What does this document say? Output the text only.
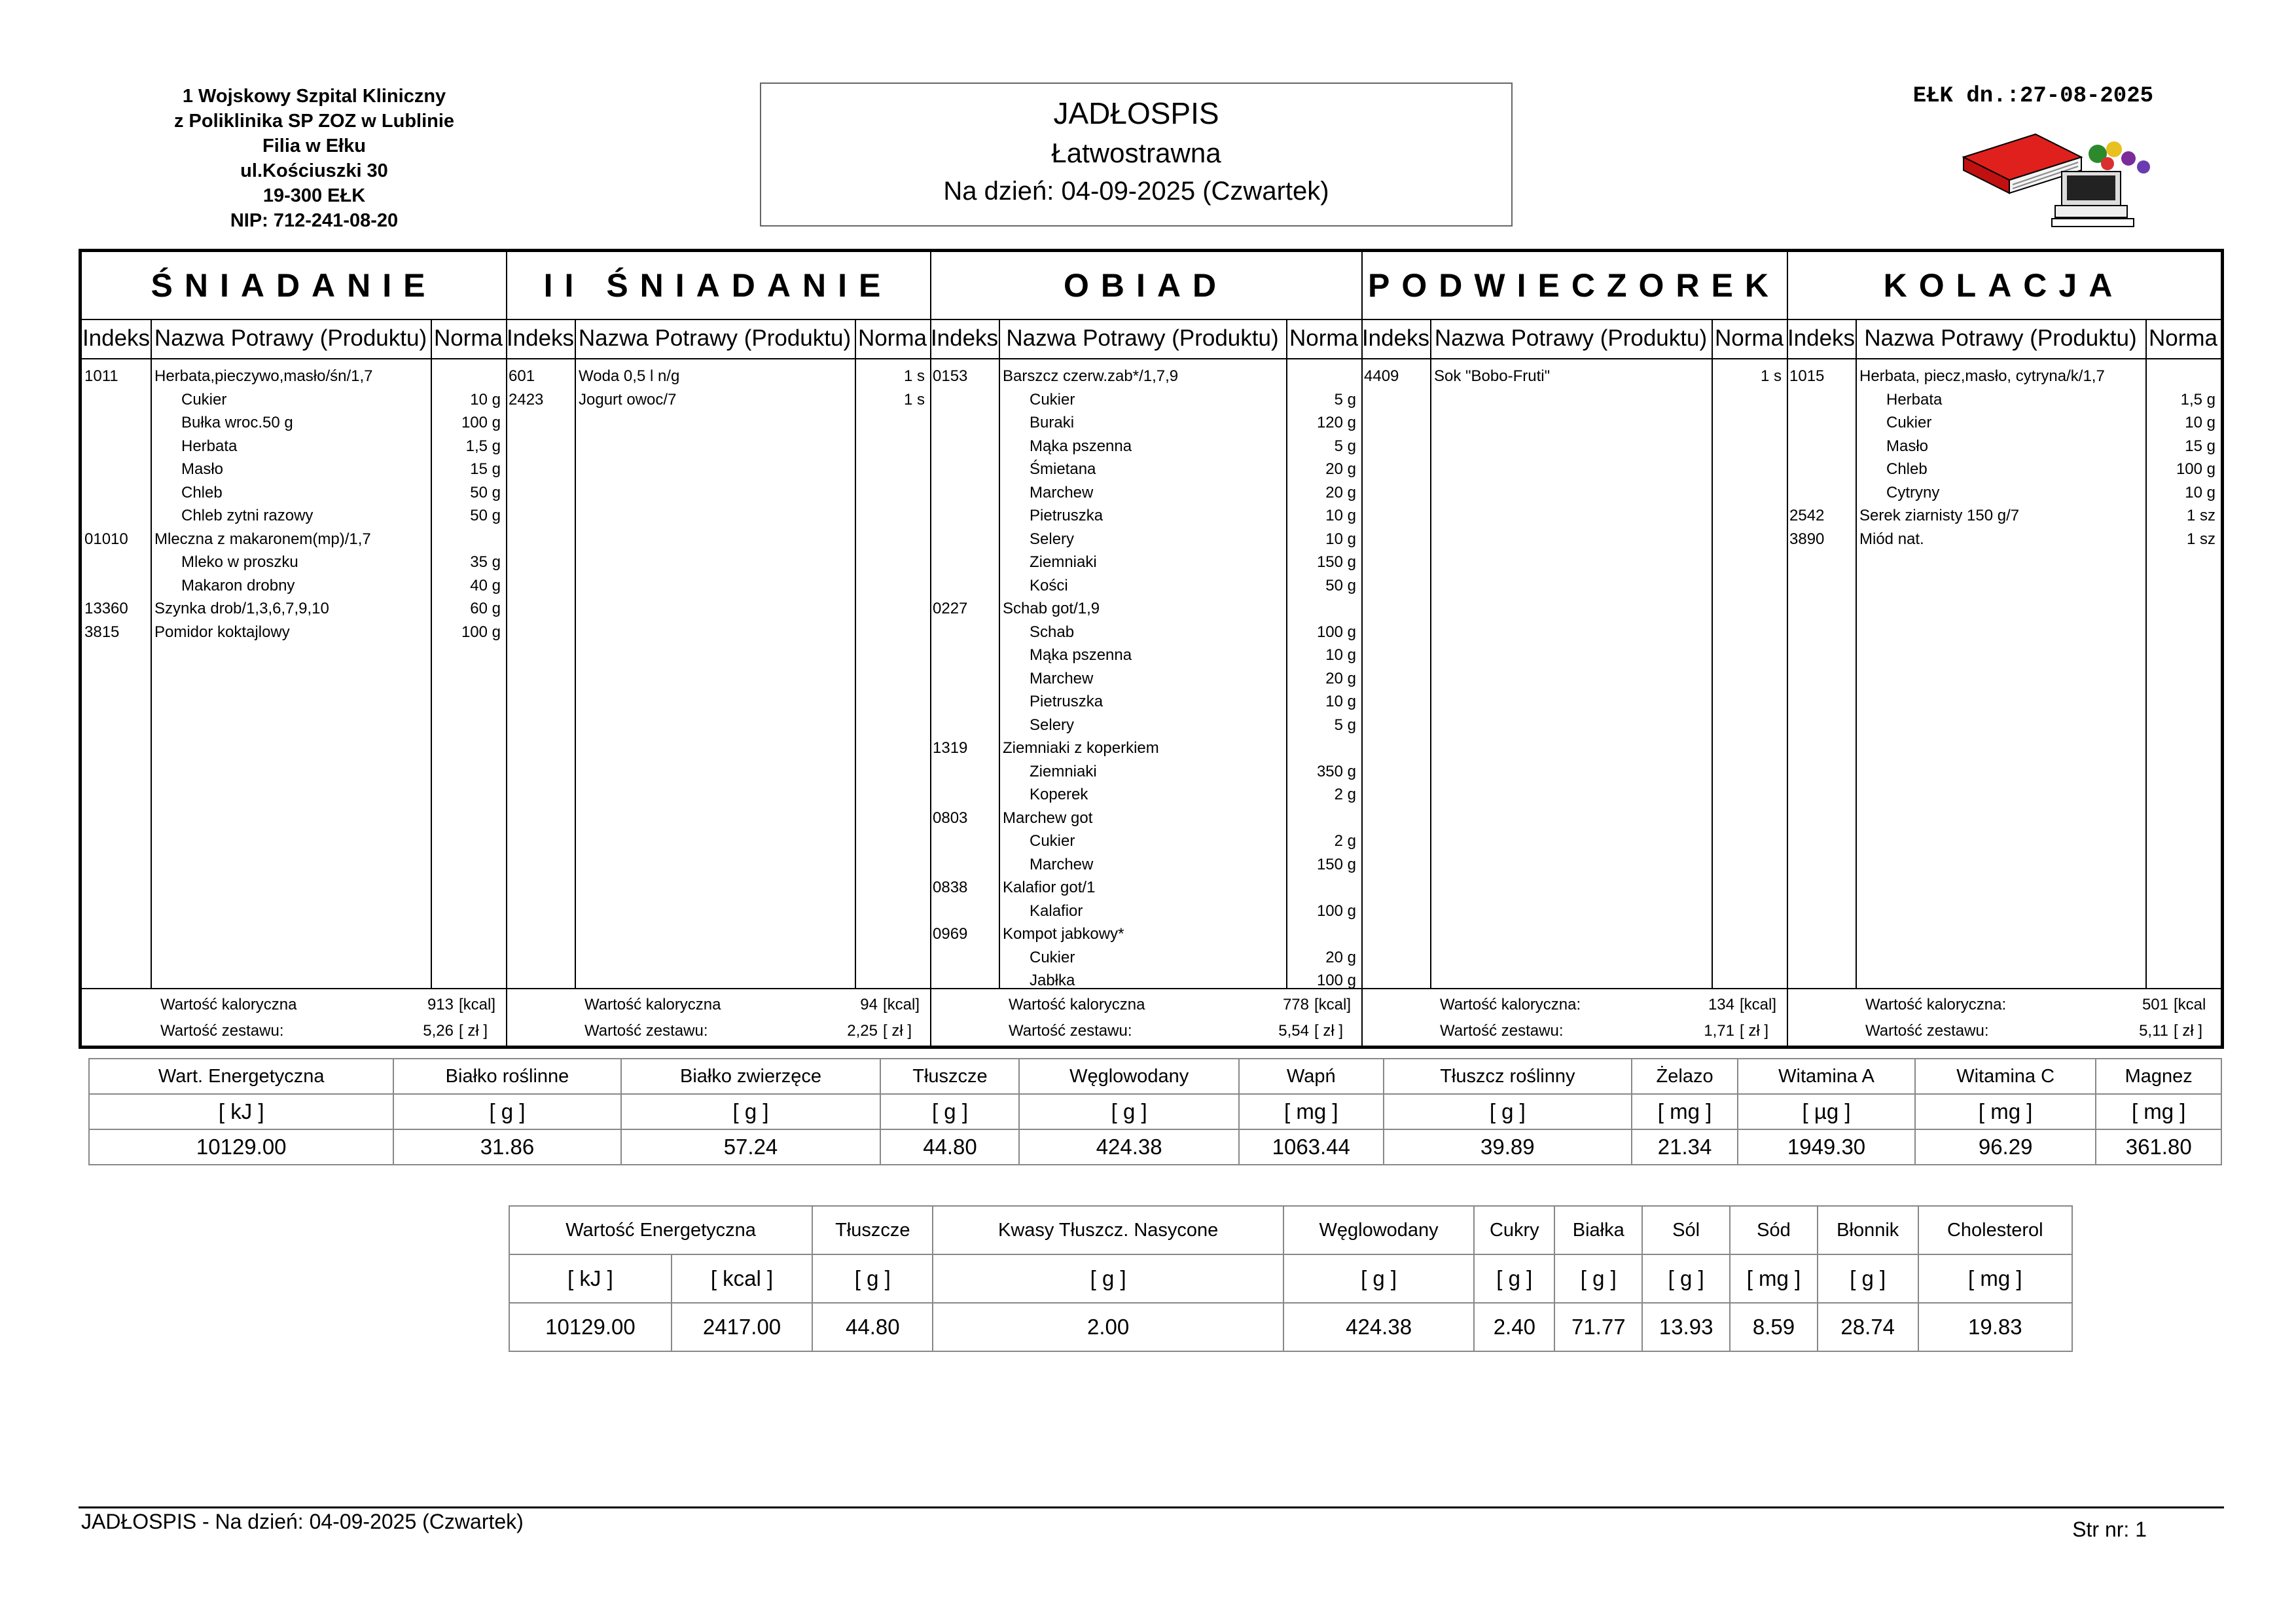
1 Wojskowy Szpital Kliniczny
z Poliklinika SP ZOZ w Lublinie
Filia w Ełku
ul.Kościuszki 30
19-300 EŁK
NIP: 712-241-08-20
JADŁOSPIS
Łatwostrawna
Na dzień: 04-09-2025 (Czwartek)
EŁK dn.:27-08-2025
ŚNIADANIE
Indeks Nazwa Potrawy (Produktu) Norma
1011 Herbata,pieczywo,masło/śn/1,7
Cukier	10 g
Bułka wroc.50 g	100 g
Herbata	1,5 g
Masło	15 g
Chleb	50 g
Chleb zytni razowy	50 g
01010 Mleczna z makaronem(mp)/1,7
Mleko w proszku	35 g
Makaron drobny	40 g
13360 Szynka drob/1,3,6,7,9,10	60 g
3815 Pomidor koktajlowy	100 g
Wartość kaloryczna	913 [kcal]
Wartość zestawu:	5,26 [ zł ]
II ŚNIADANIE
Indeks Nazwa Potrawy (Produktu) Norma
601	Woda 0,5 l n/g	1 s
2423 Jogurt owoc/7	1 s
Wartość kaloryczna	94 [kcal]
Wartość zestawu:	2,25 [ zł ]
OBIAD
Indeks Nazwa Potrawy (Produktu) Norma
0153 Barszcz czerw.zab*/1,7,9
Cukier	5 g
Buraki	120 g
Mąka pszenna	5 g
Śmietana	20 g
Marchew	20 g
Pietruszka	10 g
Selery	10 g
Ziemniaki	150 g
Kości	50 g
0227 Schab got/1,9
Schab	100 g
Mąka pszenna	10 g
Marchew	20 g
Pietruszka	10 g
Selery	5 g
1319 Ziemniaki z koperkiem
Ziemniaki	350 g
Koperek	2 g
0803 Marchew got
Cukier	2 g
Marchew	150 g
0838 Kalafior got/1
Kalafior	100 g
0969 Kompot jabkowy*
Cukier	20 g
Jabłka	100 g
Wartość kaloryczna	778 [kcal]
Wartość zestawu:	5,54 [ zł ]
PODWIECZOREK
Indeks Nazwa Potrawy (Produktu) Norma
4409 Sok "Bobo-Fruti"	1 s
Wartość kaloryczna:	134 [kcal]
Wartość zestawu:	1,71 [ zł ]
KOLACJA
Indeks Nazwa Potrawy (Produktu) Norma
1015 Herbata, piecz,masło, cytryna/k/1,7
Herbata	1,5 g
Cukier	10 g
Masło	15 g
Chleb	100 g
Cytryny	10 g
2542 Serek ziarnisty 150 g/7	1 sz
3890 Miód nat.	1 sz
Wartość kaloryczna:	501 [kcal
Wartość zestawu:	5,11 [ zł ]
Wart. Energetyczna	Białko roślinne	Białko zwierzęce	Tłuszcze	Węglowodany	Wapń	Tłuszcz roślinny	Żelazo	Witamina A	Witamina C	Magnez
[ kJ ]	[ g ]	[ g ]	[ g ]	[ g ]	[ mg ]	[ g ]	[ mg ]	[ µg ]	[ mg ]	[ mg ]
10129.00	31.86	57.24	44.80	424.38	1063.44	39.89	21.34	1949.30	96.29	361.80
Wartość Energetyczna		Tłuszcze	Kwasy Tłuszcz. Nasycone	Węglowodany	Cukry	Białka	Sól	Sód	Błonnik	Cholesterol
[ kJ ]	[ kcal ]	[ g ]	[ g ]	[ g ]	[ g ]	[ g ]	[ g ]	[ mg ]	[ g ]	[ mg ]
10129.00	2417.00	44.80	2.00	424.38	2.40	71.77	13.93	8.59	28.74	19.83
JADŁOSPIS - Na dzień: 04-09-2025 (Czwartek)	Str nr: 1
